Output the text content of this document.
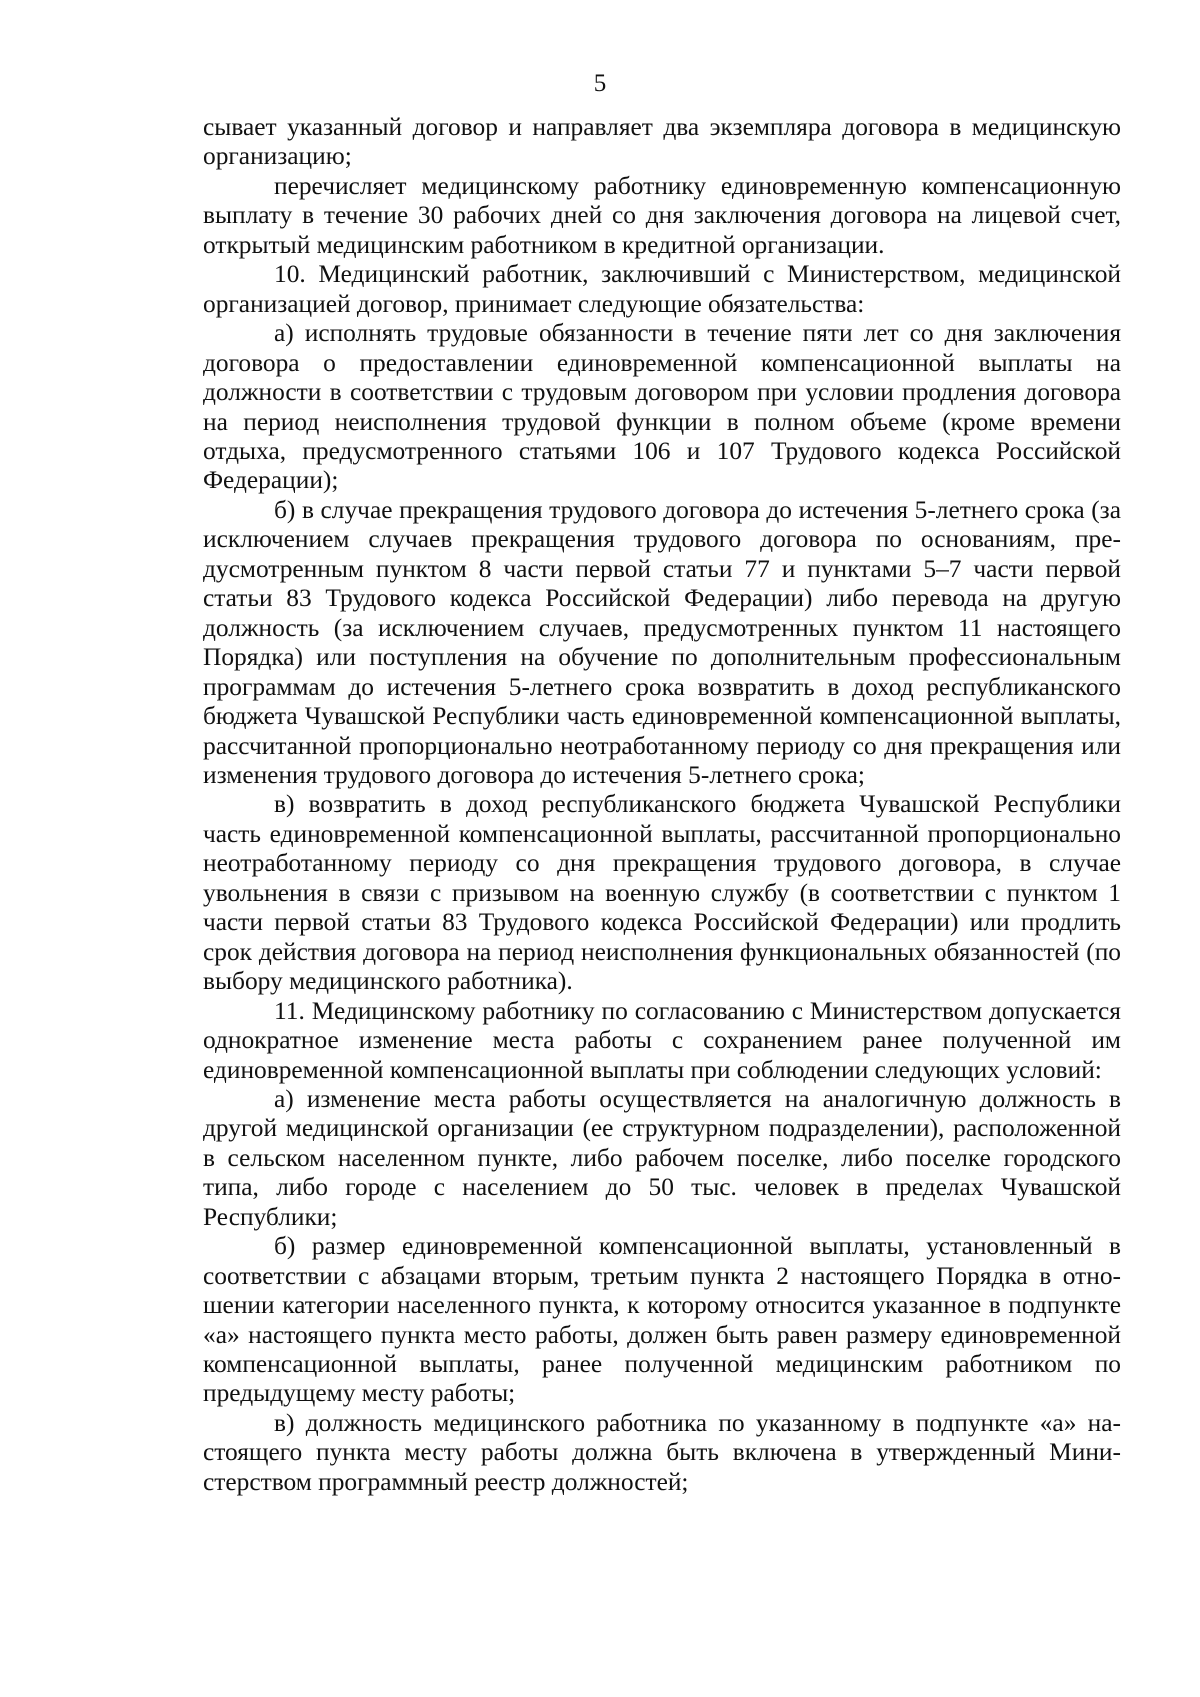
5

сывает указанный договор и направляет два экземпляра договора в медицинскую организацию;

перечисляет медицинскому работнику единовременную компенсационную выплату в течение 30 рабочих дней со дня заключения договора на лицевой счет, открытый медицинским работником в кредитной организации.

10. Медицинский работник, заключивший с Министерством, медицинской организацией договор, принимает следующие обязательства:

а) исполнять трудовые обязанности в течение пяти лет со дня заключения договора о предоставлении единовременной компенсационной выплаты на должности в соответствии с трудовым договором при условии продления договора на период неисполнения трудовой функции в полном объеме (кроме времени отдыха, предусмотренного статьями 106 и 107 Трудового кодекса Российской Федерации);

б) в случае прекращения трудового договора до истечения 5-летнего срока (за исключением случаев прекращения трудового договора по основаниям, предусмотренным пунктом 8 части первой статьи 77 и пунктами 5–7 части первой статьи 83 Трудового кодекса Российской Федерации) либо перевода на другую должность (за исключением случаев, предусмотренных пунктом 11 настоящего Порядка) или поступления на обучение по дополнительным профессиональным программам до истечения 5-летнего срока возвратить в доход республиканского бюджета Чувашской Республики часть единовременной компенсационной выплаты, рассчитанной пропорционально неотработанному периоду со дня прекращения или изменения трудового договора до истечения 5-летнего срока;

в) возвратить в доход республиканского бюджета Чувашской Республики часть единовременной компенсационной выплаты, рассчитанной пропорционально неотработанному периоду со дня прекращения трудового договора, в случае увольнения в связи с призывом на военную службу (в соответствии с пунктом 1 части первой статьи 83 Трудового кодекса Российской Федерации) или продлить срок действия договора на период неисполнения функциональных обязанностей (по выбору медицинского работника).

11. Медицинскому работнику по согласованию с Министерством допускается однократное изменение места работы с сохранением ранее полученной им единовременной компенсационной выплаты при соблюдении следующих условий:

а) изменение места работы осуществляется на аналогичную должность в другой медицинской организации (ее структурном подразделении), расположенной в сельском населенном пункте, либо рабочем поселке, либо поселке городского типа, либо городе с населением до 50 тыс. человек в пределах Чувашской Республики;

б) размер единовременной компенсационной выплаты, установленный в соответствии с абзацами вторым, третьим пункта 2 настоящего Порядка в отношении категории населенного пункта, к которому относится указанное в подпункте «а» настоящего пункта место работы, должен быть равен размеру единовременной компенсационной выплаты, ранее полученной медицинским работником по предыдущему месту работы;

в) должность медицинского работника по указанному в подпункте «а» настоящего пункта месту работы должна быть включена в утвержденный Министерством программный реестр должностей;
